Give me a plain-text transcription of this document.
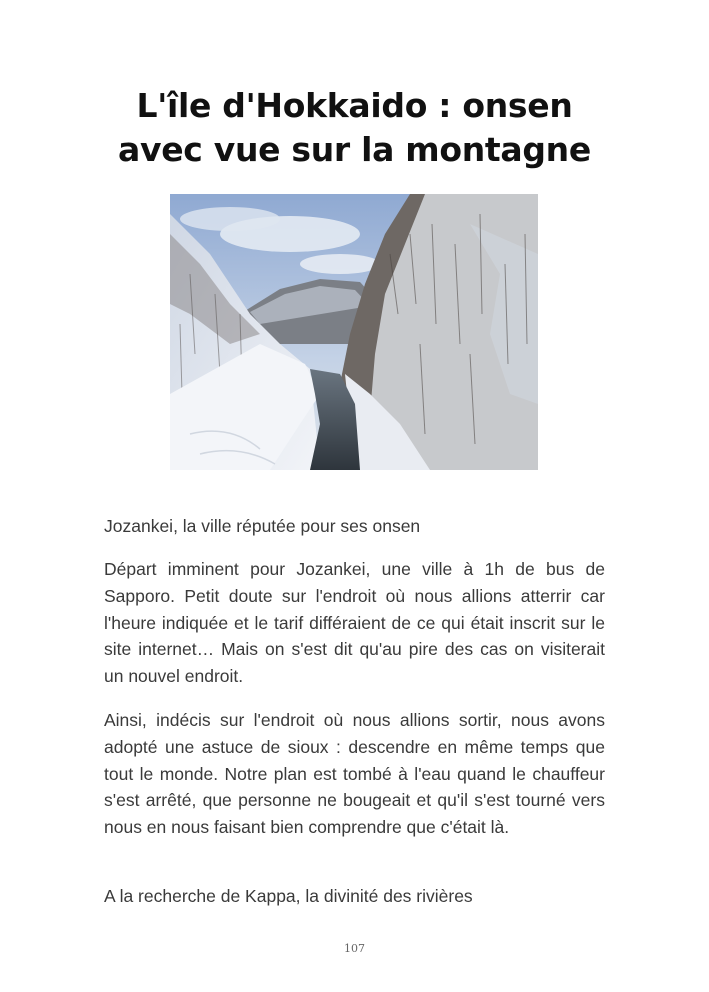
L'île d'Hokkaido : onsen
avec vue sur la montagne

Jozankei, la ville réputée pour ses onsen

Départ imminent pour Jozankei, une ville à 1h de bus de Sapporo. Petit doute sur l'endroit où nous allions atterrir car l'heure indiquée et le tarif différaient de ce qui était inscrit sur le site internet… Mais on s'est dit qu'au pire des cas on visiterait un nouvel endroit.

Ainsi, indécis sur l'endroit où nous allions sortir, nous avons adopté une astuce de sioux : descendre en même temps que tout le monde. Notre plan est tombé à l'eau quand le chauffeur s'est arrêté, que personne ne bougeait et qu'il s'est tourné vers nous en nous faisant bien comprendre que c'était là.

A la recherche de Kappa, la divinité des rivières

107
